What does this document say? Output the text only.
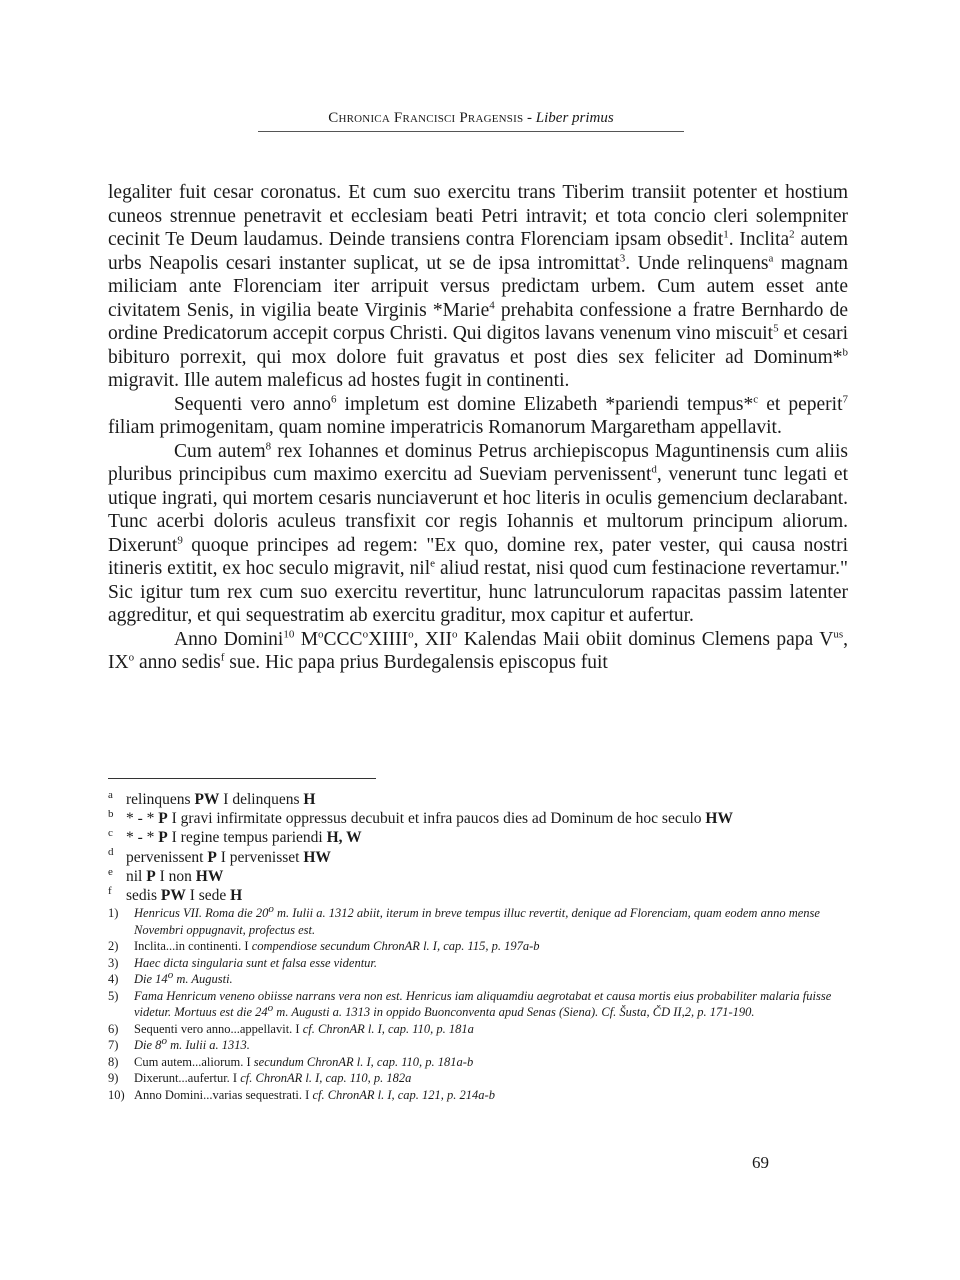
Chronica Francisci Pragensis - Liber primus

legaliter fuit cesar coronatus. Et cum suo exercitu trans Tiberim transiit potenter et hostium cuneos strennue penetravit et ecclesiam beati Petri intravit; et tota concio cleri solempniter cecinit Te Deum laudamus. Deinde transiens contra Florenciam ipsam obsedit$^1$. Inclita$^2$ autem urbs Neapolis cesari instanter suplicat, ut se de ipsa intromittat$^3$. Unde relinquens$^a$ magnam miliciam ante Florenciam iter arripuit versus predictam urbem. Cum autem esset ante civitatem Senis, in vigilia beate Virginis *Marie$^4$ prehabita confessione a fratre Bernhardo de ordine Predicatorum accepit corpus Christi. Qui digitos lavans venenum vino miscuit$^5$ et cesari bibituro porrexit, qui mox dolore fuit gravatus et post dies sex feliciter ad Dominum*$^b$ migravit. Ille autem maleficus ad hostes fugit in continenti.

Sequenti vero anno$^6$ impletum est domine Elizabeth *pariendi tempus*$^c$ et peperit$^7$ filiam primogenitam, quam nomine imperatricis Romanorum Margaretham appellavit.

Cum autem$^8$ rex Iohannes et dominus Petrus archiepiscopus Maguntinensis cum aliis pluribus principibus cum maximo exercitu ad Sueviam pervenissent$^d$, venerunt tunc legati et utique ingrati, qui mortem cesaris nunciaverunt et hoc literis in oculis gemencium declarabant. Tunc acerbi doloris aculeus transfixit cor regis Iohannis et multorum principum aliorum. Dixerunt$^9$ quoque principes ad regem: "Ex quo, domine rex, pater vester, qui causa nostri itineris extitit, ex hoc seculo migravit, nil$^e$ aliud restat, nisi quod cum festinacione revertamur." Sic igitur tum rex cum suo exercitu revertitur, hunc latrunculorum rapacitas passim latenter aggreditur, et qui sequestratim ab exercitu graditur, mox capitur et aufertur.

Anno Domini$^{10}$ $M^oCCC^oXIIII^o$, XII$^o$ Kalendas Maii obiit dominus Clemens papa $V^{us}$, $IX^o$ anno sedis$^f$ sue. Hic papa prius Burdegalensis episcopus fuit

a relinquens PW I delinquens H
b * - * P I gravi infirmitate oppressus decubuit et infra paucos dies ad Dominum de hoc seculo HW
c * - * P I regine tempus pariendi H, W
d pervenissent P I pervenisset HW
e nil P I non HW
f sedis PW I sede H
1)	Henricus VII. Roma die 20$^o$ m. Iulii a. 1312 abiit, iterum in breve tempus illuc revertit, denique ad Florenciam, quam eodem anno mense Novembri oppugnavit, profectus est.
2)	Inclita...in continenti. I compendiose secundum ChronAR l. I, cap. 115, p. 197a-b
3)	Haec dicta singularia sunt et falsa esse videntur.
4)	Die 14$^o$ m. Augusti.
5)	Fama Henricum veneno obiisse narrans vera non est. Henricus iam aliquamdiu aegrotabat et causa mortis eius probabiliter malaria fuisse videtur. Mortuus est die 24$^o$ m. Augusti a. 1313 in oppido Buonconventa apud Senas (Siena). Cf. Šusta, ČD II,2, p. 171-190.
6)	Sequenti vero anno...appellavit. I cf. ChronAR l. I, cap. 110, p. 181a
7)	Die 8$^o$ m. Iulii a. 1313.
8)	Cum autem...aliorum. I secundum ChronAR l. I, cap. 110, p. 181a-b
9)	Dixerunt...aufertur. I cf. ChronAR l. I, cap. 110, p. 182a
10) Anno Domini...varias sequestrati. I cf. ChronAR l. I, cap. 121, p. 214a-b
69
